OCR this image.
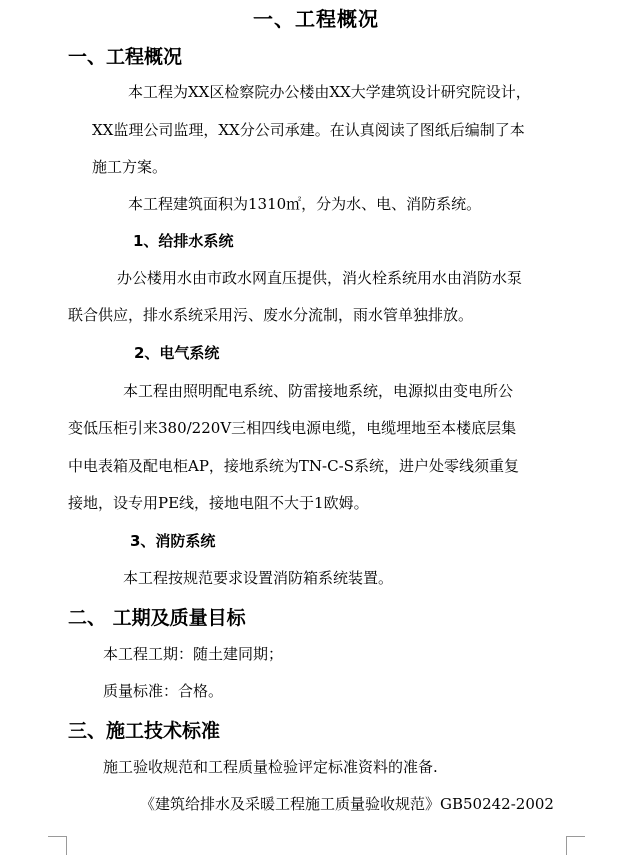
一、工程概况
一、工程概况
本工程为XX区检察院办公楼由XX大学建筑设计研究院设计，
XX监理公司监理，XX分公司承建。在认真阅读了图纸后编制了本
施工方案。
本工程建筑面积为1310㎡，分为水、电、消防系统。
1、给排水系统
办公楼用水由市政水网直压提供，消火栓系统用水由消防水泵
联合供应，排水系统采用污、废水分流制，雨水管单独排放。
2、电气系统
本工程由照明配电系统、防雷接地系统，电源拟由变电所公
变低压柜引来380/220V三相四线电源电缆，电缆埋地至本楼底层集
中电表箱及配电柜AP，接地系统为TN-C-S系统，进户处零线须重复
接地，设专用PE线，接地电阻不大于1欧姆。
3、消防系统
本工程按规范要求设置消防箱系统装置。
二、 工期及质量目标
本工程工期：随土建同期；
质量标准：合格。
三、施工技术标准
施工验收规范和工程质量检验评定标准资料的准备.
《建筑给排水及采暖工程施工质量验收规范》GB50242-2002
